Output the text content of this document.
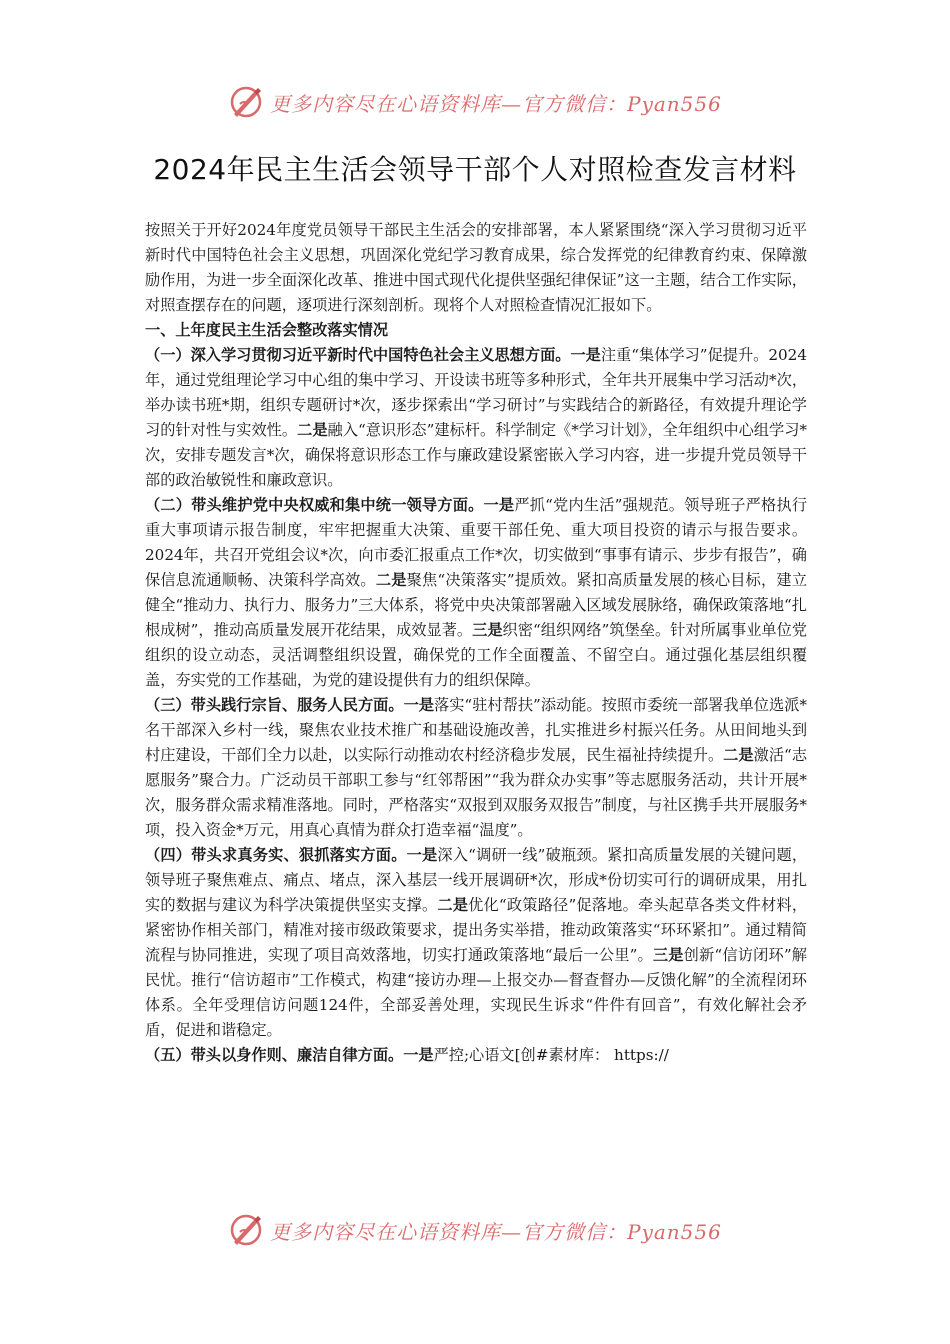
更多内容尽在心语资料库—官方微信：Pyan556
2024年民主生活会领导干部个人对照检查发言材料

按照关于开好2024年度党员领导干部民主生活会的安排部署，本人紧紧围绕“深入学习贯彻习近平新时代中国特色社会主义思想，巩固深化党纪学习教育成果，综合发挥党的纪律教育约束、保障激励作用，为进一步全面深化改革、推进中国式现代化提供坚强纪律保证”这一主题，结合工作实际，对照查摆存在的问题，逐项进行深刻剖析。现将个人对照检查情况汇报如下。

一、上年度民主生活会整改落实情况

（一）深入学习贯彻习近平新时代中国特色社会主义思想方面。一是注重“集体学习”促提升。2024年，通过党组理论学习中心组的集中学习、开设读书班等多种形式，全年共开展集中学习活动*次，举办读书班*期，组织专题研讨*次，逐步探索出“学习研讨”与实践结合的新路径，有效提升理论学习的针对性与实效性。二是融入“意识形态”建标杆。科学制定《*学习计划》，全年组织中心组学习*次，安排专题发言*次，确保将意识形态工作与廉政建设紧密嵌入学习内容，进一步提升党员领导干部的政治敏锐性和廉政意识。

（二）带头维护党中央权威和集中统一领导方面。一是严抓“党内生活”强规范。领导班子严格执行重大事项请示报告制度，牢牢把握重大决策、重要干部任免、重大项目投资的请示与报告要求。2024年，共召开党组会议*次，向市委汇报重点工作*次，切实做到“事事有请示、步步有报告”，确保信息流通顺畅、决策科学高效。二是聚焦“决策落实”提质效。紧扣高质量发展的核心目标，建立健全“推动力、执行力、服务力”三大体系，将党中央决策部署融入区域发展脉络，确保政策落地“扎根成树”，推动高质量发展开花结果，成效显著。三是织密“组织网络”筑堡垒。针对所属事业单位党组织的设立动态，灵活调整组织设置，确保党的工作全面覆盖、不留空白。通过强化基层组织覆盖，夯实党的工作基础，为党的建设提供有力的组织保障。

（三）带头践行宗旨、服务人民方面。一是落实“驻村帮扶”添动能。按照市委统一部署我单位选派*名干部深入乡村一线，聚焦农业技术推广和基础设施改善，扎实推进乡村振兴任务。从田间地头到村庄建设，干部们全力以赴，以实际行动推动农村经济稳步发展，民生福祉持续提升。二是激活“志愿服务”聚合力。广泛动员干部职工参与“红邻帮困”“我为群众办实事”等志愿服务活动，共计开展*次，服务群众需求精准落地。同时，严格落实“双报到双服务双报告”制度，与社区携手共开展服务*项，投入资金*万元，用真心真情为群众打造幸福“温度”。

（四）带头求真务实、狠抓落实方面。一是深入“调研一线”破瓶颈。紧扣高质量发展的关键问题，领导班子聚焦难点、痛点、堵点，深入基层一线开展调研*次，形成*份切实可行的调研成果，用扎实的数据与建议为科学决策提供坚实支撑。二是优化“政策路径”促落地。牵头起草各类文件材料，紧密协作相关部门，精准对接市级政策要求，提出务实举措，推动政策落实“环环紧扣”。通过精简流程与协同推进，实现了项目高效落地，切实打通政策落地“最后一公里”。三是创新“信访闭环”解民忧。推行“信访超市”工作模式，构建“接访办理—上报交办—督查督办—反馈化解”的全流程闭环体系。全年受理信访问题124件，全部妥善处理，实现民生诉求“件件有回音”，有效化解社会矛盾，促进和谐稳定。

（五）带头以身作则、廉洁自律方面。一是严控;心语文[创#素材库： https://

更多内容尽在心语资料库—官方微信：Pyan556
